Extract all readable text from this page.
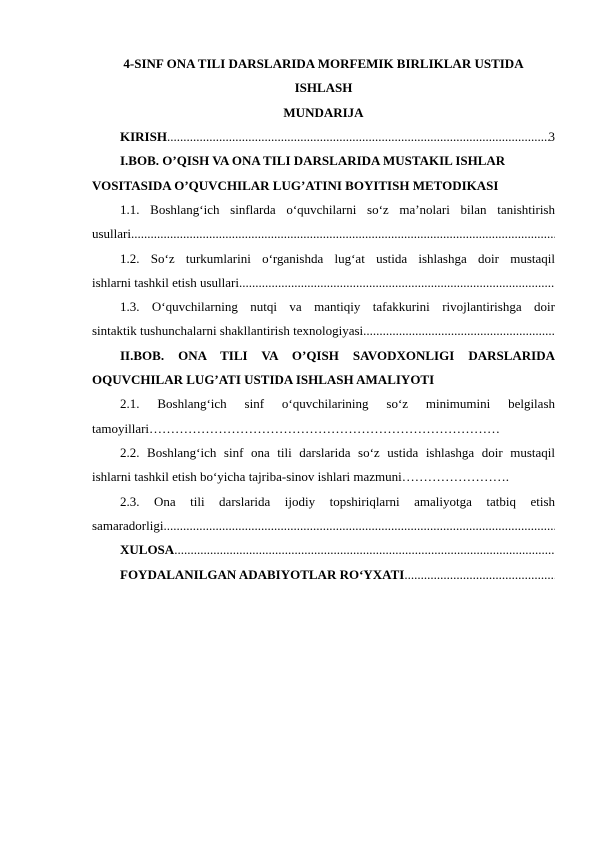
4-SINF ONA TILI DARSLARIDA MORFEMIK BIRLIKLAR USTIDA
ISHLASH
MUNDARIJA
KIRISH
.....	3
I.BOB. O’QISH VA ONA TILI DARSLARIDA MUSTAKIL ISHLAR
VOSITASIDA O’QUVCHILAR LUG’ATINI BOYITISH METODIKASI
1.1. Boshlang‘ich sinflarda o‘quvchilarni so‘z ma’nolari bilan tanishtirish
usullari
.....
1.2. So‘z turkumlarini o‘rganishda lug‘at ustida ishlashga doir mustaqil
ishlarni tashkil etish usullari
.....
1.3. O‘quvchilarning nutqi va mantiqiy tafakkurini rivojlantirishga doir
sintaktik tushunchalarni shakllantirish texnologiyasi
.....
II.BOB. ONA TILI VA O’QISH SAVODXONLIGI DARSLARIDA
OQUVCHILAR LUG’ATI USTIDA ISHLASH AMALIYOTI
2.1. Boshlang‘ich sinf o‘quvchilarining so‘z minimumini belgilash
tamoyillari………………………………………………………………………
2.2. Boshlang‘ich sinf ona tili darslarida so‘z ustida ishlashga doir mustaqil
ishlarni tashkil etish bo‘yicha tajriba-sinov ishlari mazmuni…………………….
2.3. Ona tili darslarida ijodiy topshiriqlarni amaliyotga tatbiq etish
samaradorligi
.....
XULOSA
.....
FOYDALANILGAN ADABIYOTLAR RO‘YXATI
.....
